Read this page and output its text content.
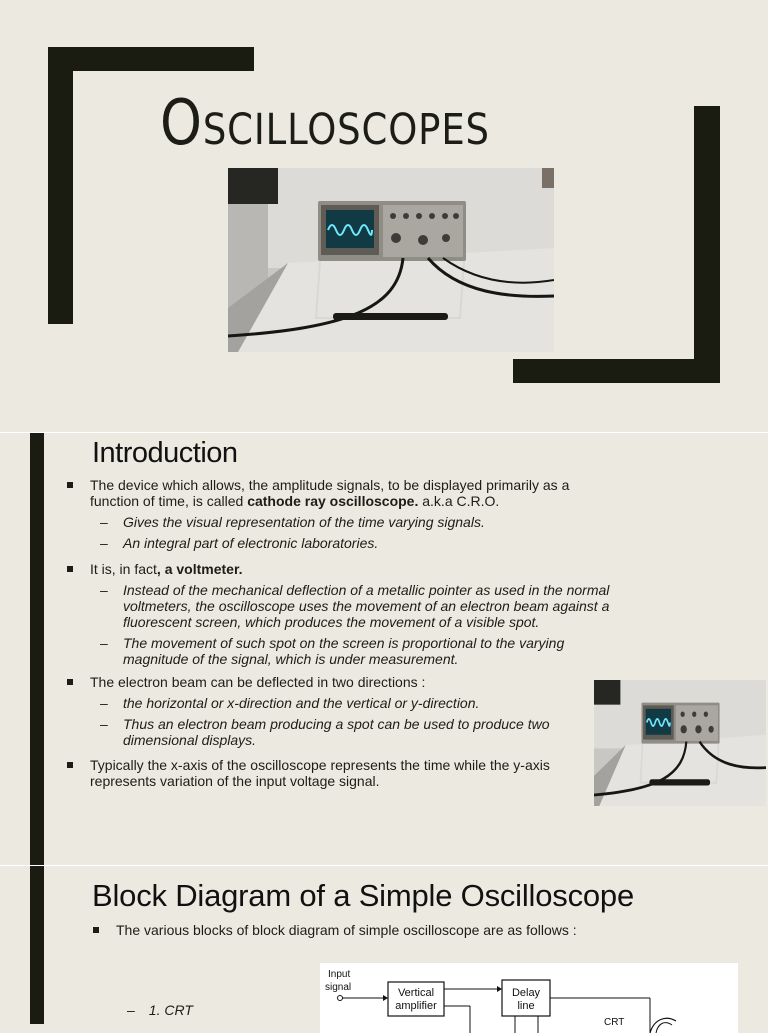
Oscilloscopes
Introduction
The device which allows, the amplitude signals, to be displayed primarily as a function of time, is called cathode ray oscilloscope. a.k.a C.R.O.
– Gives the visual representation of the time varying signals.
– An integral part of electronic laboratories.
It is, in fact, a voltmeter.
– Instead of the mechanical deflection of a metallic pointer as used in the normal voltmeters, the oscilloscope uses the movement of an electron beam against a fluorescent screen, which produces the movement of a visible spot.
– The movement of such spot on the screen is proportional to the varying magnitude of the signal, which is under measurement.
The electron beam can be deflected in two directions :
– the horizontal or x-direction and the vertical or y-direction.
– Thus an electron beam producing a spot can be used to produce two dimensional displays.
Typically the x-axis of the oscilloscope represents the time while the y-axis represents variation of the input voltage signal.
Block Diagram of a Simple Oscilloscope
The various blocks of block diagram of simple oscilloscope are as follows :
– 1. CRT
Input
signal	Vertical
amplifier
Delay
line
CRT
